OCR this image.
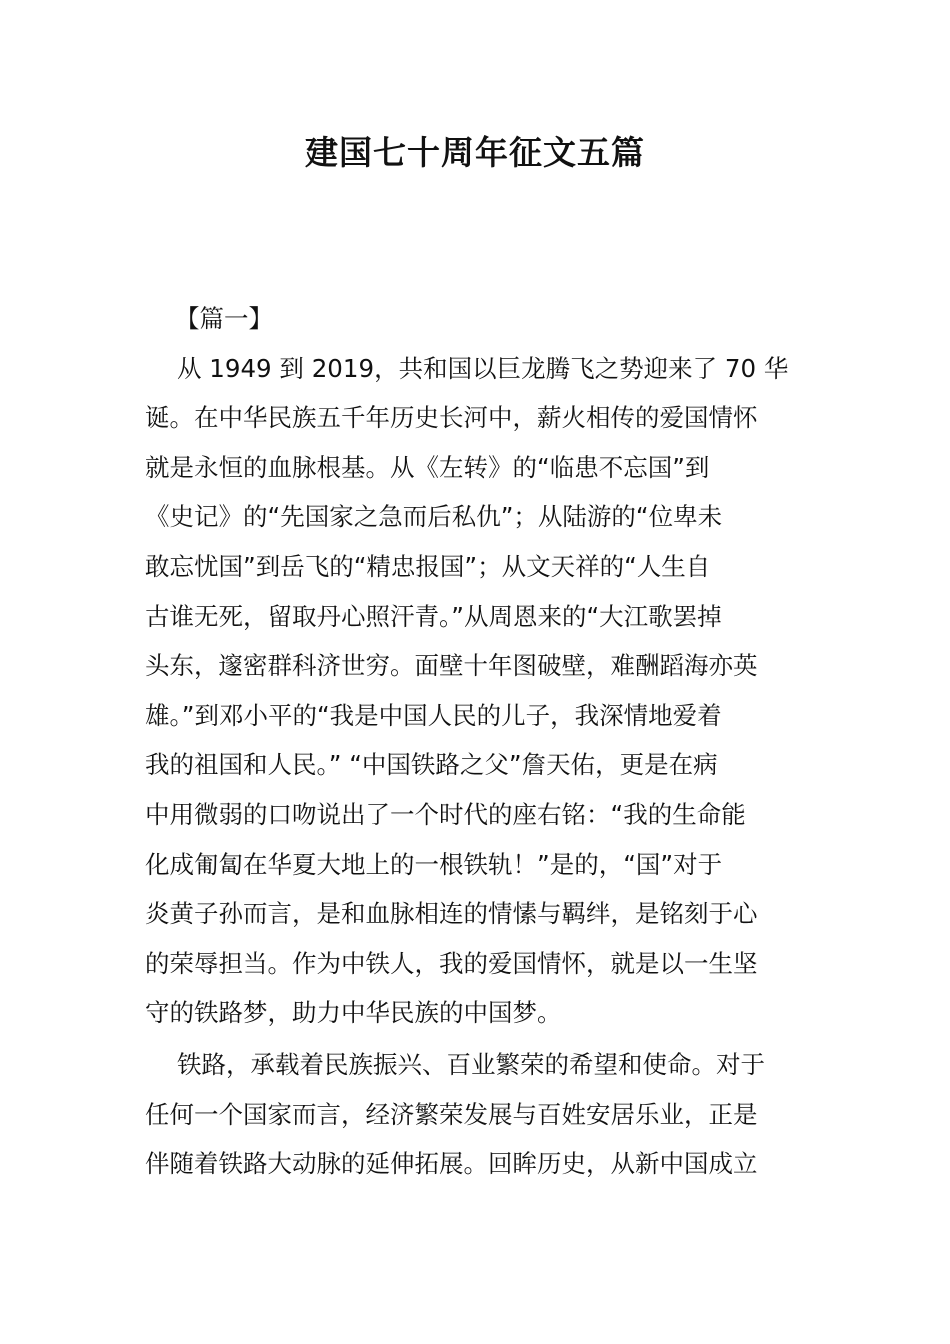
建国七十周年征文五篇
【篇一】

从 1949 到 2019，共和国以巨龙腾飞之势迎来了 70 华
诞。在中华民族五千年历史长河中，薪火相传的爱国情怀
就是永恒的血脉根基。从《左转》的“临患不忘国”到
《史记》的“先国家之急而后私仇”；从陆游的“位卑未
敢忘忧国”到岳飞的“精忠报国”；从文天祥的“人生自
古谁无死，留取丹心照汗青。”从周恩来的“大江歌罢掉
头东，邃密群科济世穷。面壁十年图破壁，难酬蹈海亦英
雄。”到邓小平的“我是中国人民的儿子，我深情地爱着
我的祖国和人民。” “中国铁路之父”詹天佑，更是在病
中用微弱的口吻说出了一个时代的座右铭：“我的生命能
化成匍匐在华夏大地上的一根铁轨！”是的，“国”对于
炎黄子孙而言，是和血脉相连的情愫与羁绊，是铭刻于心
的荣辱担当。作为中铁人，我的爱国情怀，就是以一生坚
守的铁路梦，助力中华民族的中国梦。

铁路，承载着民族振兴、百业繁荣的希望和使命。对于
任何一个国家而言，经济繁荣发展与百姓安居乐业，正是
伴随着铁路大动脉的延伸拓展。回眸历史，从新中国成立
